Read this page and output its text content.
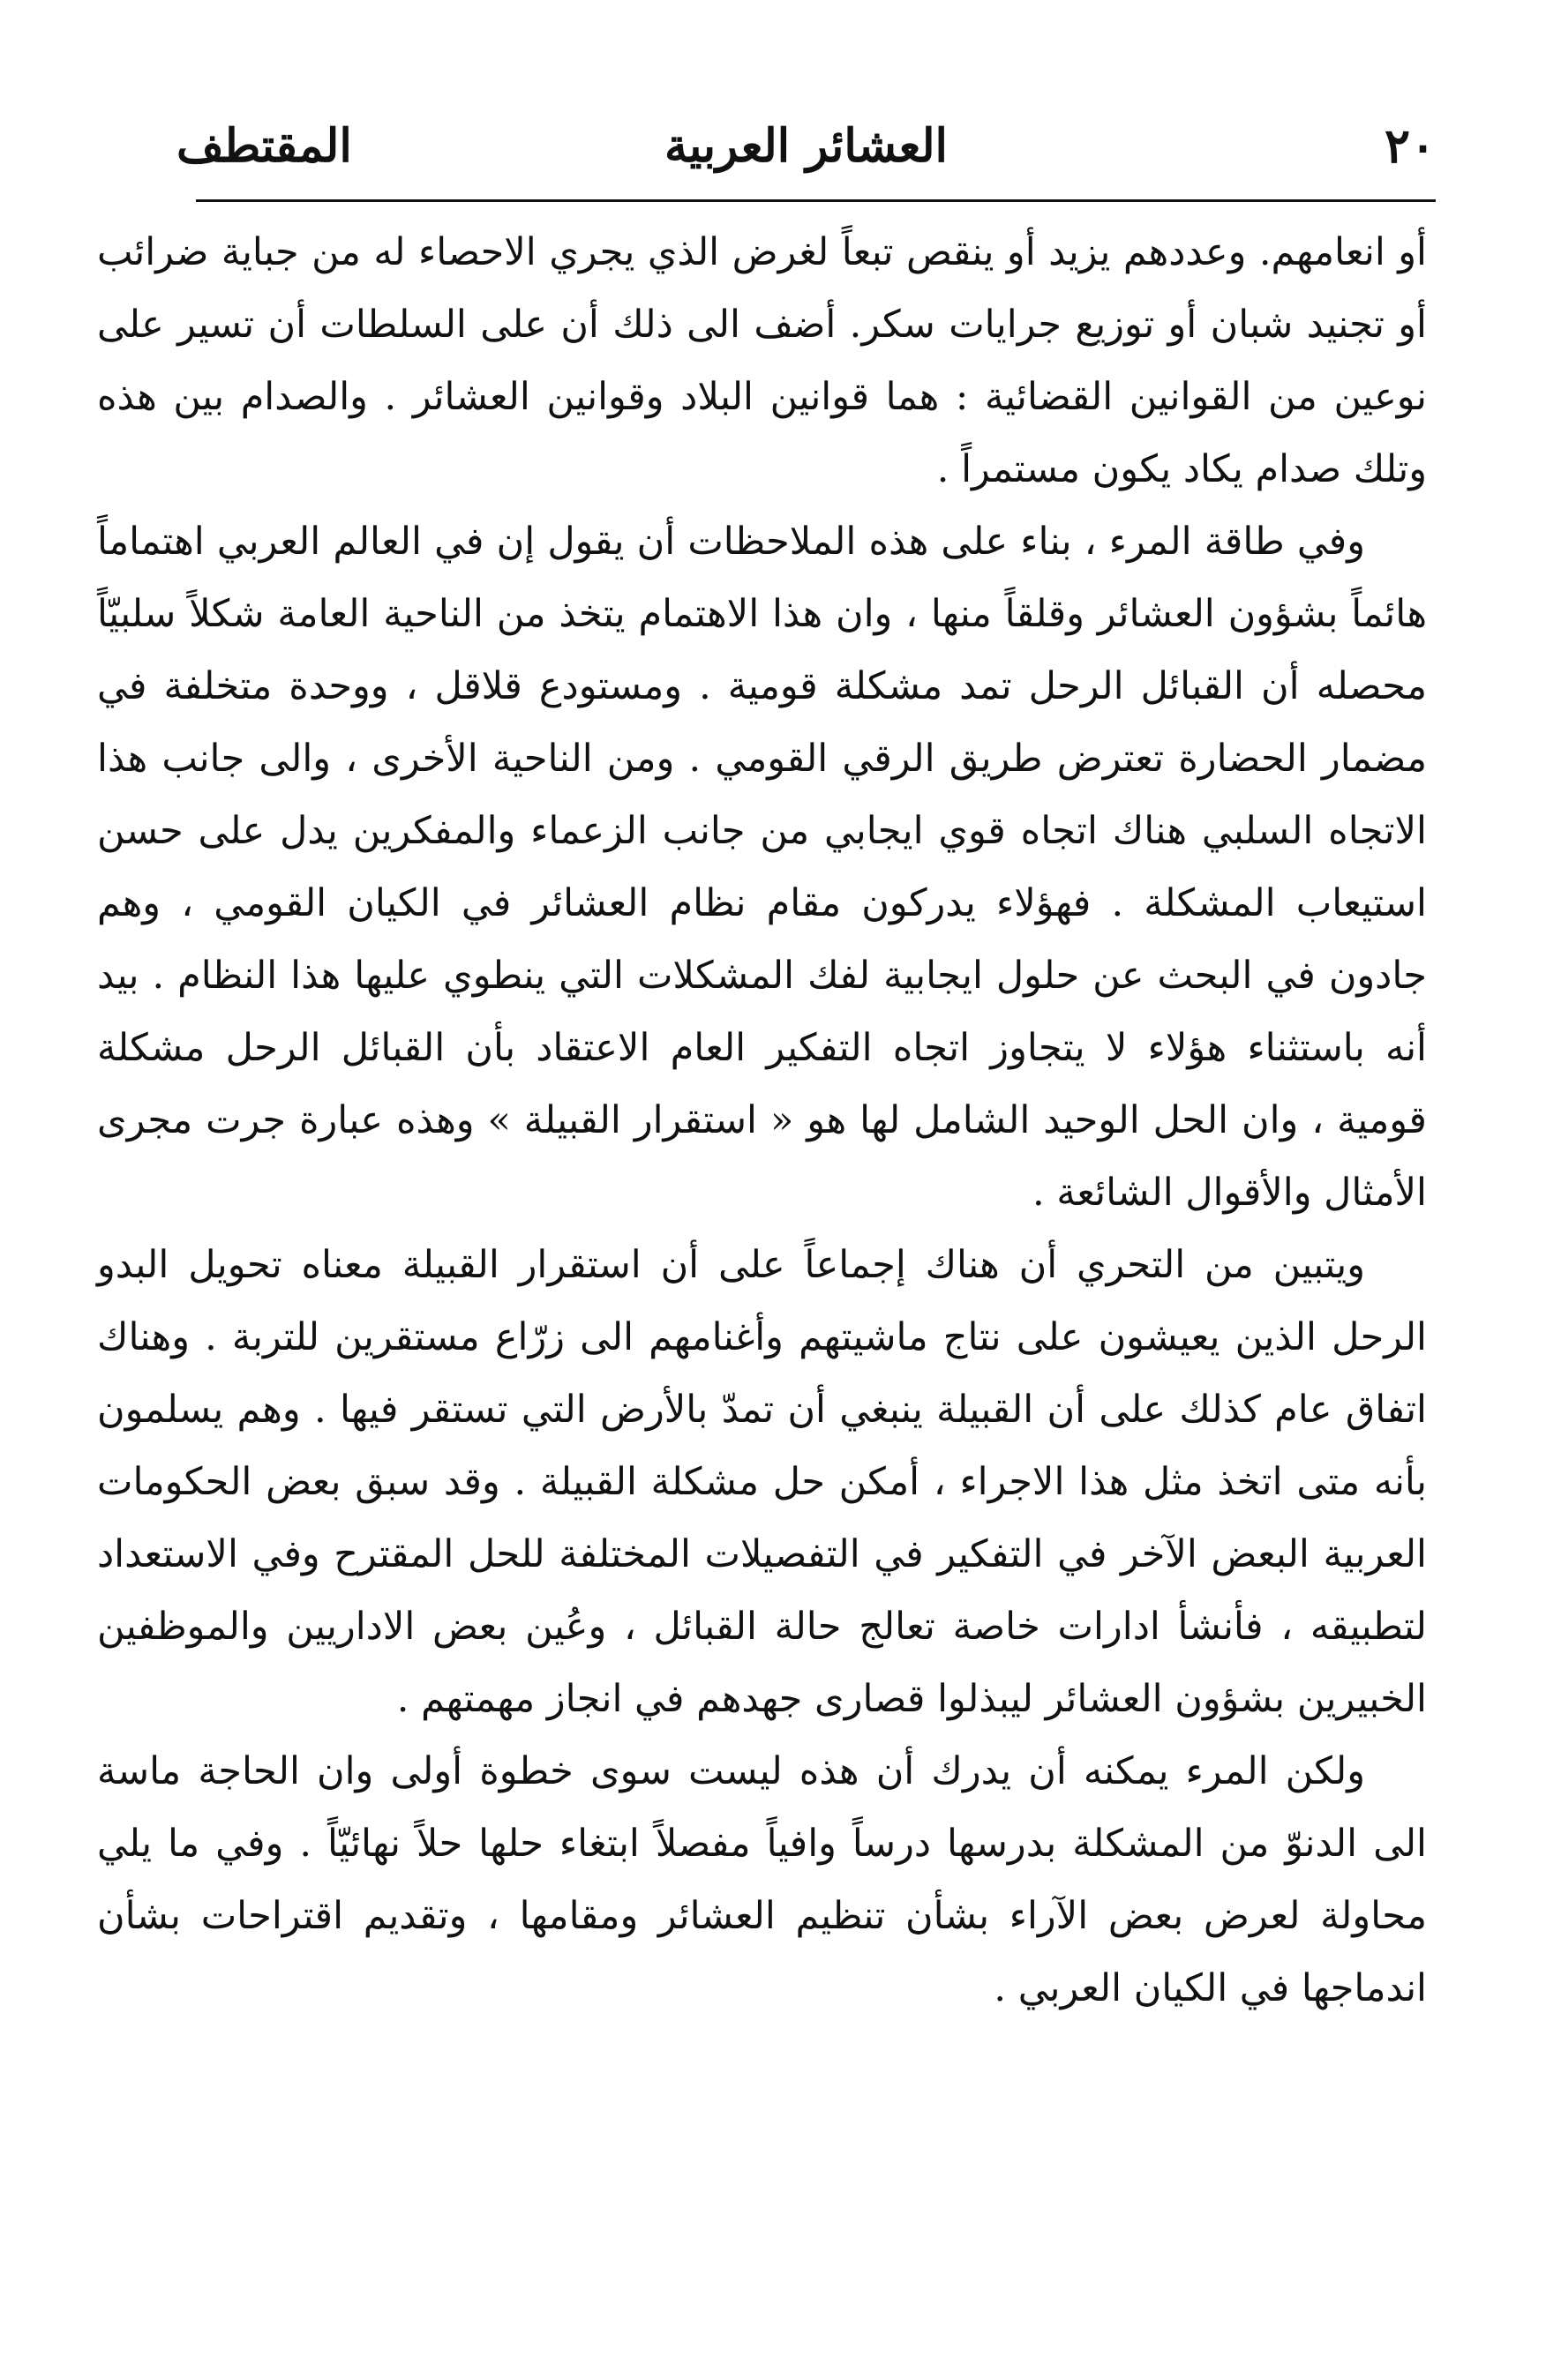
٢٠
العشائر العربية
المقتطف

أو انعامهم. وعددهم يزيد أو ينقص تبعاً لغرض الذي يجري الاحصاء له من جباية ضرائب أو تجنيد شبان أو توزيع جرايات سكر. أضف الى ذلك أن على السلطات أن تسير على نوعين من القوانين القضائية : هما قوانين البلاد وقوانين العشائر . والصدام بين هذه وتلك صدام يكاد يكون مستمراً .

وفي طاقة المرء ، بناء على هذه الملاحظات أن يقول إن في العالم العربي اهتماماً هائماً بشؤون العشائر وقلقاً منها ، وان هذا الاهتمام يتخذ من الناحية العامة شكلاً سلبيّاً محصله أن القبائل الرحل تمد مشكلة قومية . ومستودع قلاقل ، ووحدة متخلفة في مضمار الحضارة تعترض طريق الرقي القومي . ومن الناحية الأخرى ، والى جانب هذا الاتجاه السلبي هناك اتجاه قوي ايجابي من جانب الزعماء والمفكرين يدل على حسن استيعاب المشكلة . فهؤلاء يدركون مقام نظام العشائر في الكيان القومي ، وهم جادون في البحث عن حلول ايجابية لفك المشكلات التي ينطوي عليها هذا النظام . بيد أنه باستثناء هؤلاء لا يتجاوز اتجاه التفكير العام الاعتقاد بأن القبائل الرحل مشكلة قومية ، وان الحل الوحيد الشامل لها هو « استقرار القبيلة » وهذه عبارة جرت مجرى الأمثال والأقوال الشائعة .

ويتبين من التحري أن هناك إجماعاً على أن استقرار القبيلة معناه تحويل البدو الرحل الذين يعيشون على نتاج ماشيتهم وأغنامهم الى زرّاع مستقرين للتربة . وهناك اتفاق عام كذلك على أن القبيلة ينبغي أن تمدّ بالأرض التي تستقر فيها . وهم يسلمون بأنه متى اتخذ مثل هذا الاجراء ، أمكن حل مشكلة القبيلة . وقد سبق بعض الحكومات العربية البعض الآخر في التفكير في التفصيلات المختلفة للحل المقترح وفي الاستعداد لتطبيقه ، فأنشأ ادارات خاصة تعالج حالة القبائل ، وعُين بعض الاداريين والموظفين الخبيرين بشؤون العشائر ليبذلوا قصارى جهدهم في انجاز مهمتهم .

ولكن المرء يمكنه أن يدرك أن هذه ليست سوى خطوة أولى وان الحاجة ماسة الى الدنوّ من المشكلة بدرسها درساً وافياً مفصلاً ابتغاء حلها حلاً نهائيّاً . وفي ما يلي محاولة لعرض بعض الآراء بشأن تنظيم العشائر ومقامها ، وتقديم اقتراحات بشأن اندماجها في الكيان العربي .
